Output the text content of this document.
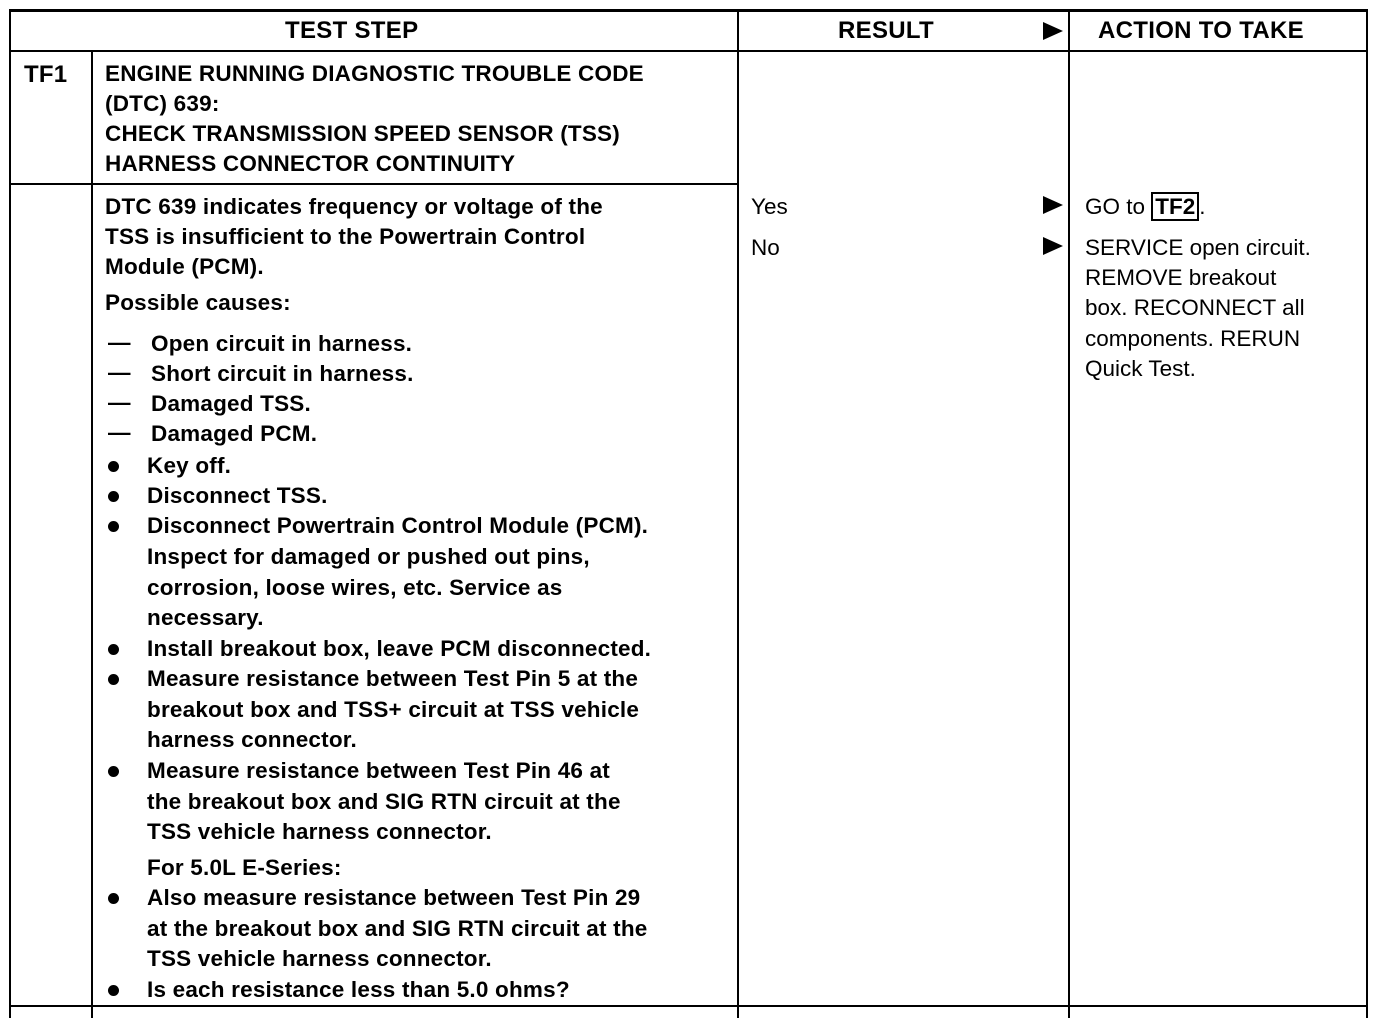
TEST STEP	RESULT	ACTION TO TAKE
TF1 ENGINE RUNNING DIAGNOSTIC TROUBLE CODE
(DTC) 639:
CHECK TRANSMISSION SPEED SENSOR (TSS)
HARNESS CONNECTOR CONTINUITY
DTC 639 indicates frequency or voltage of the
TSS is insufficient to the Powertrain Control
Module (PCM).
Possible causes:
— Open circuit in harness.
— Short circuit in harness.
— Damaged TSS.
— Damaged PCM.
Key off.
Disconnect TSS.
Disconnect Powertrain Control Module (PCM).
Inspect for damaged or pushed out pins,
corrosion, loose wires, etc. Service as
necessary.
Install breakout box, leave PCM disconnected.
Measure resistance between Test Pin 5 at the
breakout box and TSS+ circuit at TSS vehicle
harness connector.
Measure resistance between Test Pin 46 at
the breakout box and SIG RTN circuit at the
TSS vehicle harness connector.
For 5.0L E-Series:
Also measure resistance between Test Pin 29
at the breakout box and SIG RTN circuit at the
TSS vehicle harness connector.
Is each resistance less than 5.0 ohms?
Yes
No
GO to TF2 .
SERVICE open circuit.
REMOVE breakout
box. RECONNECT all
components. RERUN
Quick Test.
